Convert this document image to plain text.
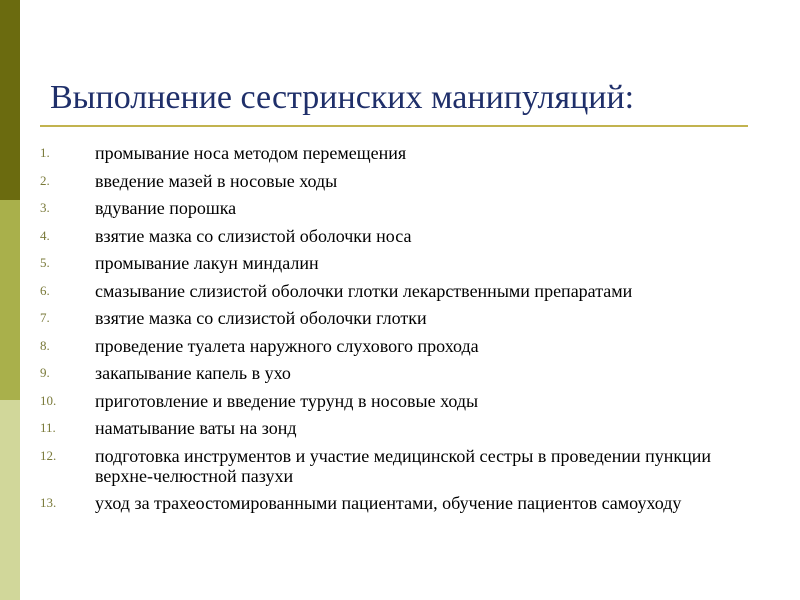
Выполнение сестринских манипуляций:
1.	промывание носа методом перемещения
2.	введение мазей в носовые ходы
3.	вдувание порошка
4.	взятие мазка со слизистой оболочки носа
5.	промывание лакун миндалин
6.	смазывание слизистой оболочки глотки лекарственными препаратами
7.	взятие мазка со слизистой оболочки глотки
8.	проведение туалета наружного слухового прохода
9.	закапывание капель в ухо
10.	приготовление и введение турунд в носовые ходы
11.	наматывание ваты на зонд
12.	подготовка инструментов и участие медицинской сестры в проведении пункции верхне-челюстной пазухи
13.	уход за трахеостомированными пациентами, обучение пациентов самоуходу
